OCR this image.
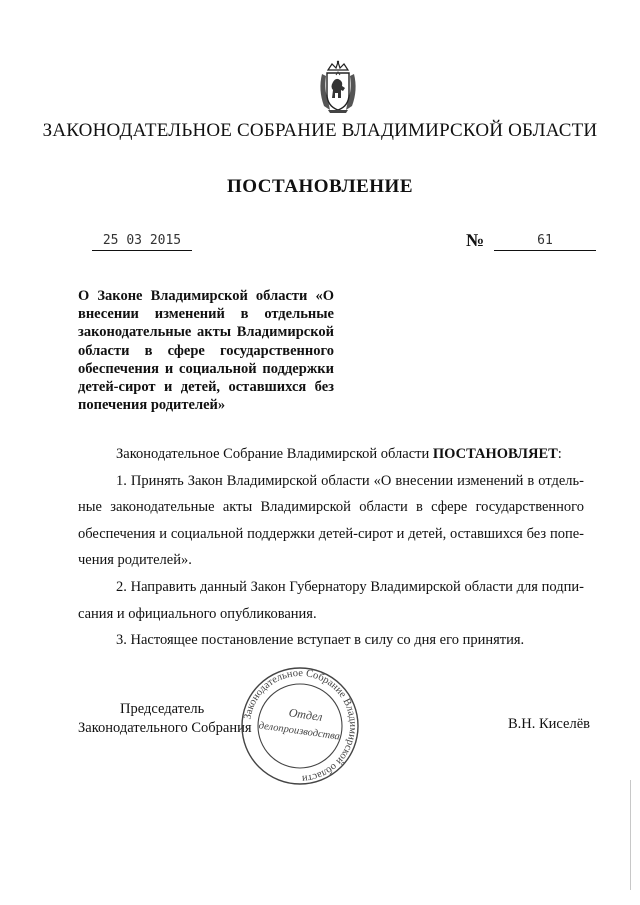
ЗАКОНОДАТЕЛЬНОЕ СОБРАНИЕ ВЛАДИМИРСКОЙ ОБЛАСТИ
ПОСТАНОВЛЕНИЕ
25 03 2015	№	61
О Законе Владимирской области «О внесении изменений в отдельные законодательные акты Владимирской области в сфере государственного обеспечения и социальной поддержки детей-сирот и детей, оставшихся без попечения родителей»

Законодательное Собрание Владимирской области ПОСТАНОВЛЯЕТ:

1. Принять Закон Владимирской области «О внесении изменений в отдельные законодательные акты Владимирской области в сфере государственного обеспечения и социальной поддержки детей-сирот и детей, оставшихся без попечения родителей».

2. Направить данный Закон Губернатору Владимирской области для подписания и официального опубликования.

3. Настоящее постановление вступает в силу со дня его принятия.

Председатель
Законодательного Собрания
Законодательное Собрание Владимирской области
Отдел
делопроизводства	В.Н. Киселёв
